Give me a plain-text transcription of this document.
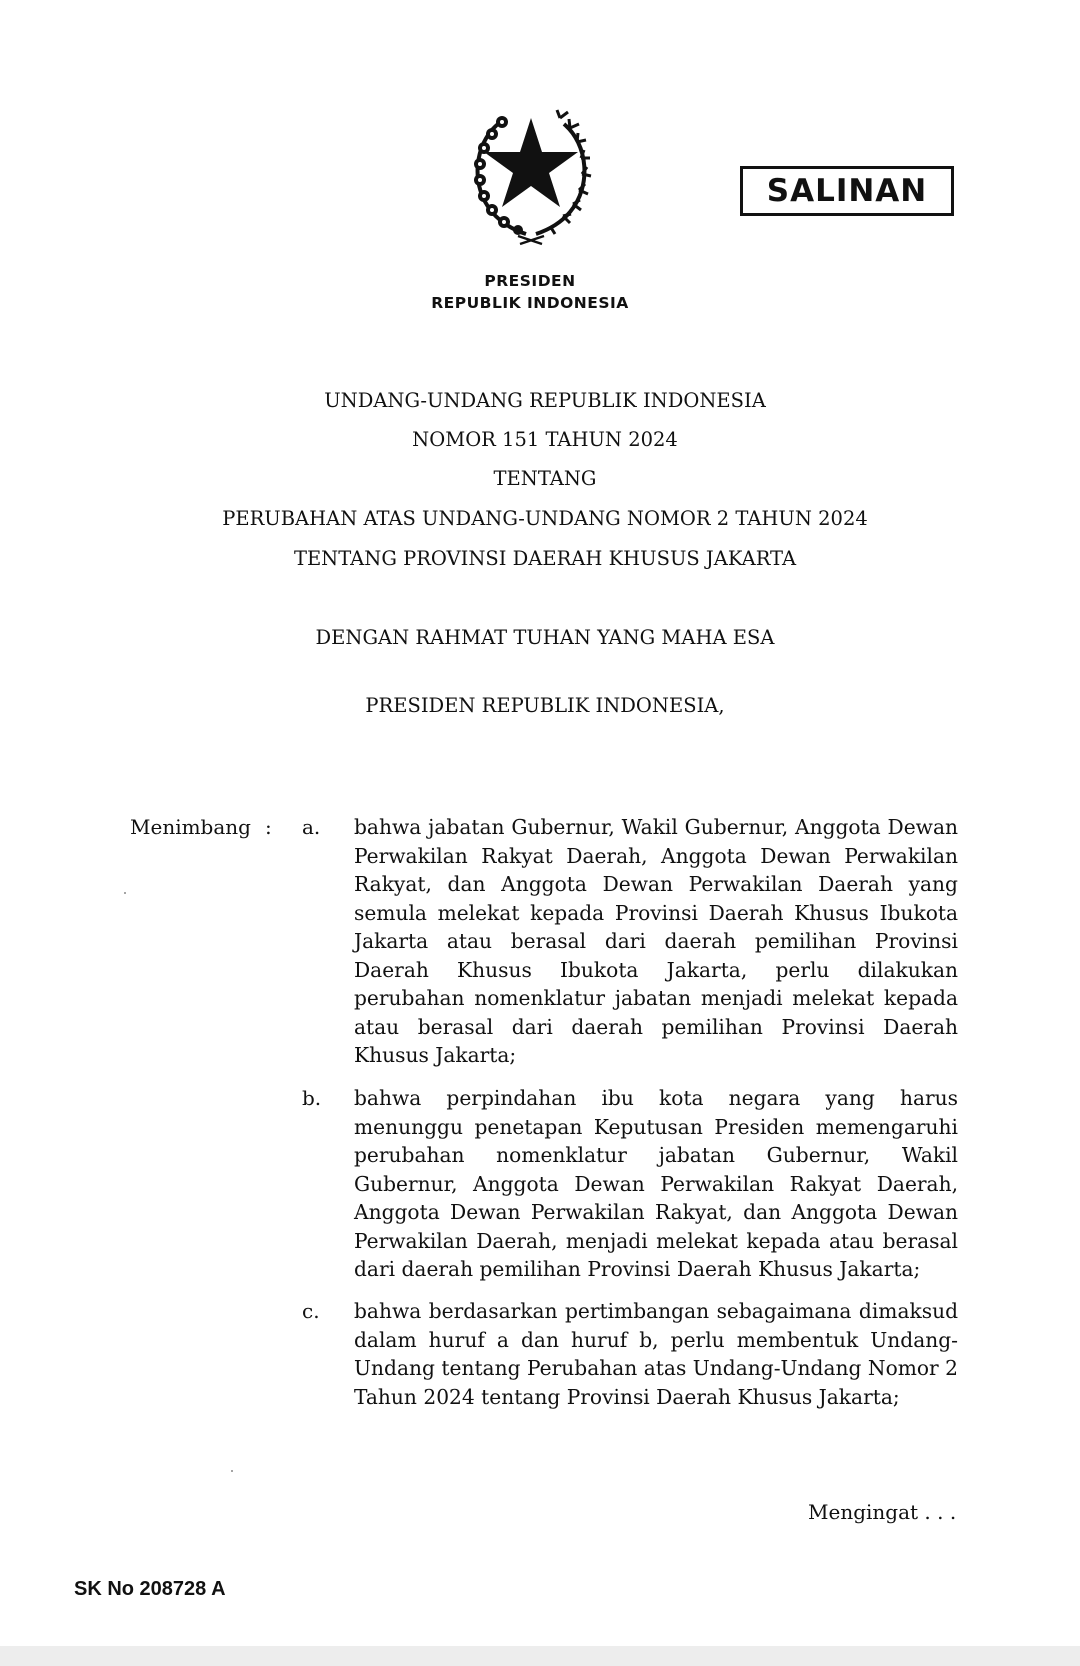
SALINAN
PRESIDEN
REPUBLIK INDONESIA
UNDANG-UNDANG REPUBLIK INDONESIA
NOMOR 151 TAHUN 2024
TENTANG
PERUBAHAN ATAS UNDANG-UNDANG NOMOR 2 TAHUN 2024
TENTANG PROVINSI DAERAH KHUSUS JAKARTA
DENGAN RAHMAT TUHAN YANG MAHA ESA
PRESIDEN REPUBLIK INDONESIA,
Menimbang : a. bahwa jabatan Gubernur, Wakil Gubernur, Anggota Dewan Perwakilan Rakyat Daerah, Anggota Dewan Perwakilan Rakyat, dan Anggota Dewan Perwakilan Daerah yang semula melekat kepada Provinsi Daerah Khusus Ibukota Jakarta atau berasal dari daerah pemilihan Provinsi Daerah Khusus Ibukota Jakarta, perlu dilakukan perubahan nomenklatur jabatan menjadi melekat kepada atau berasal dari daerah pemilihan Provinsi Daerah Khusus Jakarta;
b. bahwa perpindahan ibu kota negara yang harus menunggu penetapan Keputusan Presiden memengaruhi perubahan nomenklatur jabatan Gubernur, Wakil Gubernur, Anggota Dewan Perwakilan Rakyat Daerah, Anggota Dewan Perwakilan Rakyat, dan Anggota Dewan Perwakilan Daerah, menjadi melekat kepada atau berasal dari daerah pemilihan Provinsi Daerah Khusus Jakarta;
c. bahwa berdasarkan pertimbangan sebagaimana dimaksud dalam huruf a dan huruf b, perlu membentuk Undang-Undang tentang Perubahan atas Undang-Undang Nomor 2 Tahun 2024 tentang Provinsi Daerah Khusus Jakarta;
Mengingat . . .
SK No 208728 A
